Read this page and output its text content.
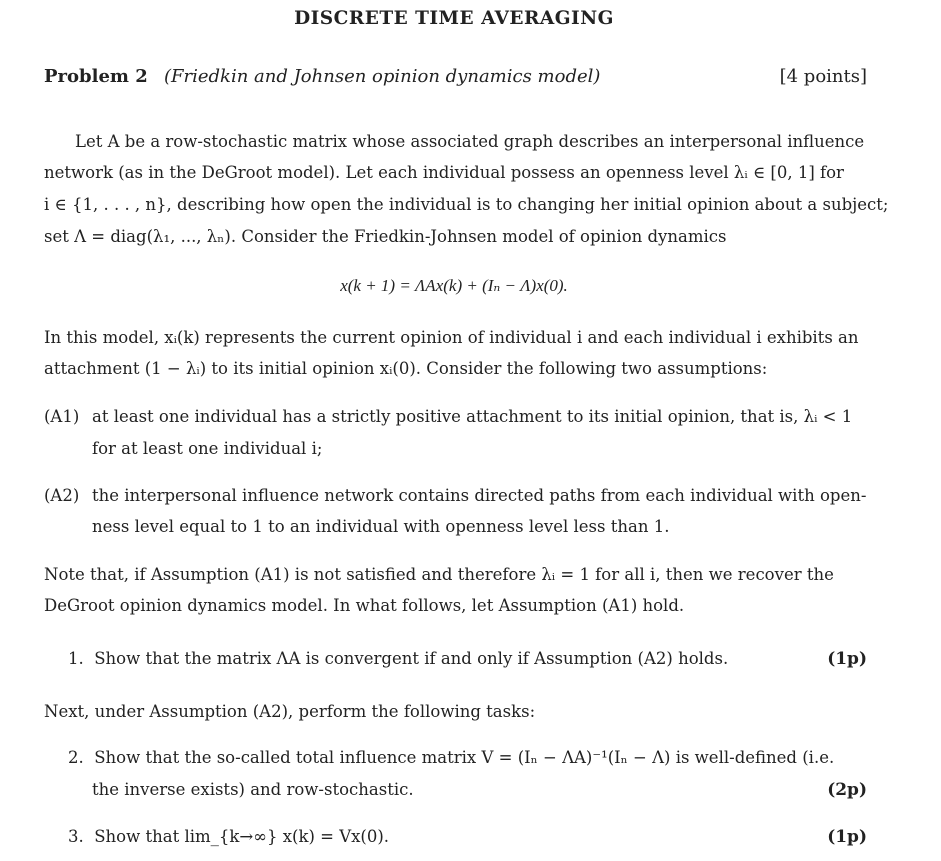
DISCRETE TIME AVERAGING
Problem 2 (Friedkin and Johnsen opinion dynamics model)	[4 points]
Let A be a row-stochastic matrix whose associated graph describes an interpersonal influence
network (as in the DeGroot model). Let each individual possess an openness level λᵢ ∈ [0, 1] for
i ∈ {1, . . . , n}, describing how open the individual is to changing her initial opinion about a subject;
set Λ = diag(λ₁, ..., λₙ). Consider the Friedkin-Johnsen model of opinion dynamics
x(k + 1) = ΛAx(k) + (Iₙ − Λ)x(0).
In this model, xᵢ(k) represents the current opinion of individual i and each individual i exhibits an
attachment (1 − λᵢ) to its initial opinion xᵢ(0). Consider the following two assumptions:
(A1) at least one individual has a strictly positive attachment to its initial opinion, that is, λᵢ < 1
for at least one individual i;
(A2) the interpersonal influence network contains directed paths from each individual with open-
ness level equal to 1 to an individual with openness level less than 1.
Note that, if Assumption (A1) is not satisfied and therefore λᵢ = 1 for all i, then we recover the
DeGroot opinion dynamics model. In what follows, let Assumption (A1) hold.
1. Show that the matrix ΛA is convergent if and only if Assumption (A2) holds.	(1p)
Next, under Assumption (A2), perform the following tasks:
2. Show that the so-called total influence matrix V = (Iₙ − ΛA)⁻¹(Iₙ − Λ) is well-defined (i.e.
the inverse exists) and row-stochastic.	(2p)
3. Show that lim_{k→∞} x(k) = Vx(0).	(1p)
